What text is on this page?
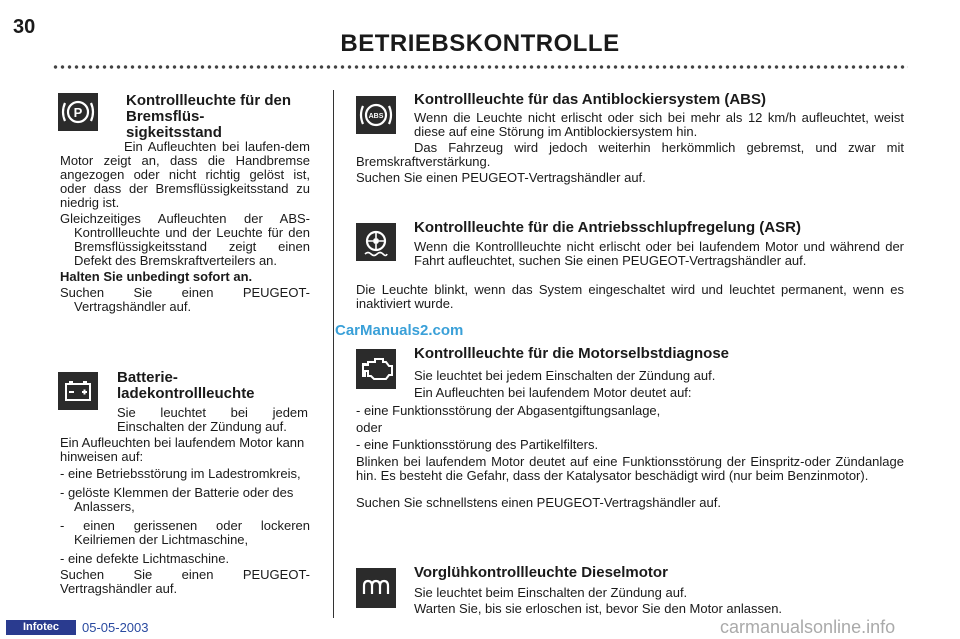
30
BETRIEBSKONTROLLE
P
Kontrollleuchte für den Bremsflüs-sigkeitsstand

Ein Aufleuchten bei laufen-dem Motor zeigt an, dass die Handbremse angezogen oder nicht richtig gelöst ist, oder dass der Bremsflüssigkeitsstand zu niedrig ist.

Gleichzeitiges Aufleuchten der ABS-Kontrollleuchte und der Leuchte für den Bremsflüssigkeitsstand zeigt einen Defekt des Bremskraftverteilers an.

Halten Sie unbedingt sofort an.

Suchen Sie einen PEUGEOT-Vertragshändler auf.

Batterie-ladekontrollleuchte
Sie leuchtet bei jedem Einschalten der Zündung auf.

Ein Aufleuchten bei laufendem Motor kann hinweisen auf:

- eine Betriebsstörung im Ladestromkreis,

- gelöste Klemmen der Batterie oder des Anlassers,

- einen gerissenen oder lockeren Keilriemen der Lichtmaschine,

- eine defekte Lichtmaschine.

Suchen Sie einen PEUGEOT-Vertragshändler auf.

ABS
Kontrollleuchte für das Antiblockiersystem (ABS)
Wenn die Leuchte nicht erlischt oder sich bei mehr als 12 km/h aufleuchtet, weist diese auf eine Störung im Antiblockiersystem hin.
Das Fahrzeug wird jedoch weiterhin herkömmlich gebremst, und zwar mit Bremskraftverstärkung.
Suchen Sie einen PEUGEOT-Vertragshändler auf.
Kontrollleuchte für die Antriebsschlupfregelung (ASR)
Wenn die Kontrollleuchte nicht erlischt oder bei laufendem Motor und während der Fahrt aufleuchtet, suchen Sie einen PEUGEOT-Vertragshändler auf.
Die Leuchte blinkt, wenn das System eingeschaltet wird und leuchtet permanent, wenn es inaktiviert wurde.
CarManuals2.com
Kontrollleuchte für die Motorselbstdiagnose
Sie leuchtet bei jedem Einschalten der Zündung auf.
Ein Aufleuchten bei laufendem Motor deutet auf:
- eine Funktionsstörung der Abgasentgiftungsanlage,
oder
- eine Funktionsstörung des Partikelfilters.
Blinken bei laufendem Motor deutet auf eine Funktionsstörung der Einspritz-oder Zündanlage hin. Es besteht die Gefahr, dass der Katalysator beschädigt wird (nur beim Benzinmotor).
Suchen Sie schnellstens einen PEUGEOT-Vertragshändler auf.
Vorglühkontrollleuchte Dieselmotor
Sie leuchtet beim Einschalten der Zündung auf.
Warten Sie, bis sie erloschen ist, bevor Sie den Motor anlassen.
Infotec	05-05-2003	carmanualsonline.info
